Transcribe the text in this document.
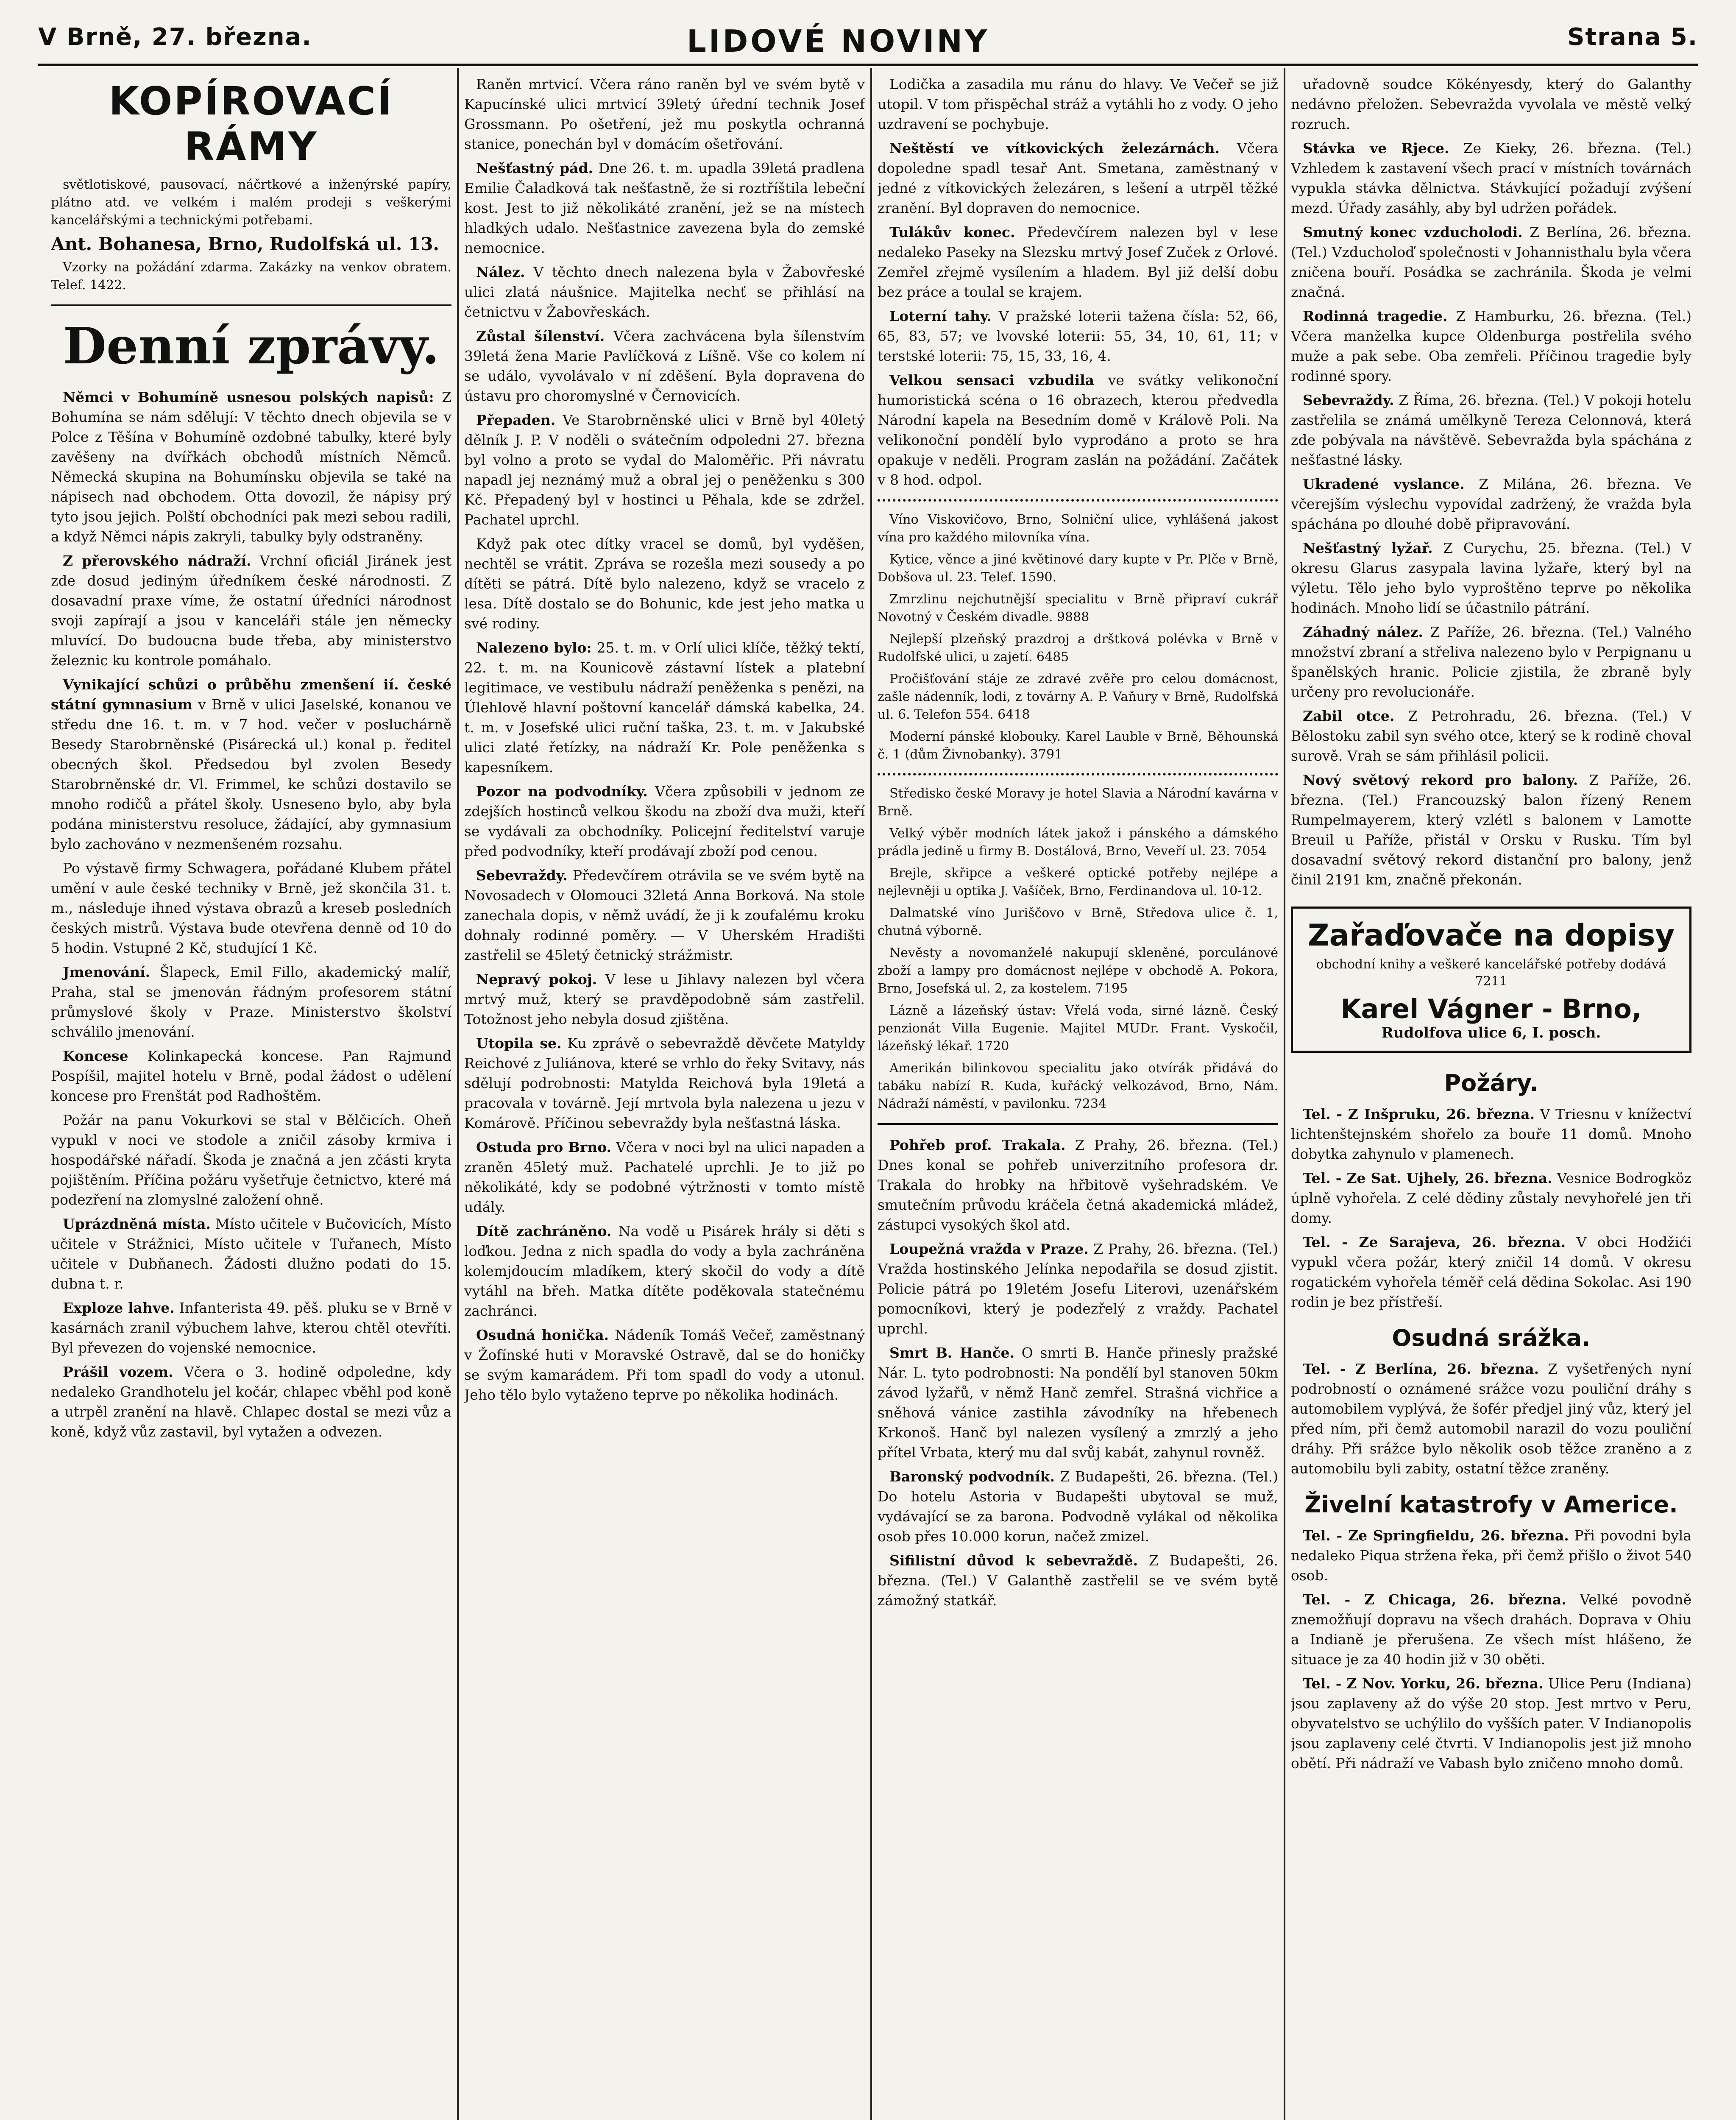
V Brně, 27. března.	LIDOVÉ NOVINY	Strana 5.
KOPÍROVACÍ RÁMY

světlotiskové, pausovací, náčrtkové a inženýrské papíry, plátno atd. ve velkém i malém prodeji s veškerými kancelářskými a technickými potřebami.

Ant. Bohanesa, Brno, Rudolfská ul. 13.

Vzorky na požádání zdarma. Zakázky na venkov obratem. Telef. 1422.

Denní zprávy.

Němci v Bohumíně usnesou polských napisů: Z Bohumína se nám sdělují: V těchto dnech objevila se v Polce z Těšína v Bohumíně ozdobné tabulky, které byly zavěšeny na dvířkách obchodů místních Němců. Německá skupina na Bohumínsku objevila se také na nápisech nad obchodem. Otta dovozil, že nápisy prý tyto jsou jejich. Polští obchodníci pak mezi sebou radili, a když Němci nápis zakryli, tabulky byly odstraněny.

Z přerovského nádraží. Vrchní oficiál Jiránek jest zde dosud jediným úředníkem české národnosti. Z dosavadní praxe víme, že ostatní úředníci národnost svoji zapírají a jsou v kanceláři stále jen německy mluvící. Do budoucna bude třeba, aby ministerstvo železnic ku kontrole pomáhalo.

Vynikající schůzi o průběhu zmenšení ií. české státní gymnasium v Brně v ulici Jaselské, konanou ve středu dne 16. t. m. v 7 hod. večer v posluchárně Besedy Starobrněnské (Pisárecká ul.) konal p. ředitel obecných škol. Předsedou byl zvolen Besedy Starobrněnské dr. Vl. Frimmel, ke schůzi dostavilo se mnoho rodičů a přátel školy. Usneseno bylo, aby byla podána ministerstvu resoluce, žádající, aby gymnasium bylo zachováno v nezmenšeném rozsahu.

Po výstavě firmy Schwagera, pořádané Klubem přátel umění v aule české techniky v Brně, jež skončila 31. t. m., následuje ihned výstava obrazů a kreseb posledních českých mistrů. Výstava bude otevřena denně od 10 do 5 hodin. Vstupné 2 Kč, studující 1 Kč.

Jmenování. Šlapeck, Emil Fillo, akademický malíř, Praha, stal se jmenován řádným profesorem státní průmyslové školy v Praze. Ministerstvo školství schválilo jmenování.

Koncese Kolinkapecká koncese. Pan Rajmund Pospíšil, majitel hotelu v Brně, podal žádost o udělení koncese pro Frenštát pod Radhoštěm.

Požár na panu Vokurkovi se stal v Bělčicích. Oheň vypukl v noci ve stodole a zničil zásoby krmiva i hospodářské nářadí. Škoda je značná a jen zčásti kryta pojištěním. Příčina požáru vyšetřuje četnictvo, které má podezření na zlomyslné založení ohně.

Uprázdněná místa. Místo učitele v Bučovicích, Místo učitele v Strážnici, Místo učitele v Tuřanech, Místo učitele v Dubňanech. Žádosti dlužno podati do 15. dubna t. r.

Exploze lahve. Infanterista 49. pěš. pluku se v Brně v kasárnách zranil výbuchem lahve, kterou chtěl otevříti. Byl převezen do vojenské nemocnice.

Prášil vozem. Včera o 3. hodině odpoledne, kdy nedaleko Grandhotelu jel kočár, chlapec vběhl pod koně a utrpěl zranění na hlavě. Chlapec dostal se mezi vůz a koně, když vůz zastavil, byl vytažen a odvezen.

Raněn mrtvicí. Včera ráno raněn byl ve svém bytě v Kapucínské ulici mrtvicí 39letý úřední technik Josef Grossmann. Po ošetření, jež mu poskytla ochranná stanice, ponechán byl v domácím ošetřování.

Nešťastný pád. Dne 26. t. m. upadla 39letá pradlena Emilie Čaladková tak nešťastně, že si roztříštila lebeční kost. Jest to již několikáté zranění, jež se na místech hladkých udalo. Nešťastnice zavezena byla do zemské nemocnice.

Nález. V těchto dnech nalezena byla v Žabovřeské ulici zlatá náušnice. Majitelka nechť se přihlásí na četnictvu v Žabovřeskách.

Zůstal šílenství. Včera zachvácena byla šílenstvím 39letá žena Marie Pavlíčková z Líšně. Vše co kolem ní se událo, vyvolávalo v ní zděšení. Byla dopravena do ústavu pro choromyslné v Černovicích.

Přepaden. Ve Starobrněnské ulici v Brně byl 40letý dělník J. P. V noděli o svátečním odpoledni 27. března byl volno a proto se vydal do Maloměřic. Při návratu napadl jej neznámý muž a obral jej o peněženku s 300 Kč. Přepadený byl v hostinci u Pěhala, kde se zdržel. Pachatel uprchl.

Když pak otec dítky vracel se domů, byl vyděšen, nechtěl se vrátit. Zpráva se rozešla mezi sousedy a po dítěti se pátrá. Dítě bylo nalezeno, když se vracelo z lesa. Dítě dostalo se do Bohunic, kde jest jeho matka u své rodiny.

Nalezeno bylo: 25. t. m. v Orlí ulici klíče, těžký tektí, 22. t. m. na Kounicově zástavní lístek a platební legitimace, ve vestibulu nádraží peněženka s penězi, na Úlehlově hlavní poštovní kancelář dámská kabelka, 24. t. m. v Josefské ulici ruční taška, 23. t. m. v Jakubské ulici zlaté řetízky, na nádraží Kr. Pole peněženka s kapesníkem.

Pozor na podvodníky. Včera způsobili v jednom ze zdejších hostinců velkou škodu na zboží dva muži, kteří se vydávali za obchodníky. Policejní ředitelství varuje před podvodníky, kteří prodávají zboží pod cenou.

Sebevraždy. Předevčírem otrávila se ve svém bytě na Novosadech v Olomouci 32letá Anna Borková. Na stole zanechala dopis, v němž uvádí, že ji k zoufalému kroku dohnaly rodinné poměry. — V Uherském Hradišti zastřelil se 45letý četnický strážmistr.

Nepravý pokoj. V lese u Jihlavy nalezen byl včera mrtvý muž, který se pravděpodobně sám zastřelil. Totožnost jeho nebyla dosud zjištěna.

Utopila se. Ku zprávě o sebevraždě děvčete Matyldy Reichové z Juliánova, které se vrhlo do řeky Svitavy, nás sdělují podrobnosti: Matylda Reichová byla 19letá a pracovala v továrně. Její mrtvola byla nalezena u jezu v Komárově. Příčinou sebevraždy byla nešťastná láska.

Ostuda pro Brno. Včera v noci byl na ulici napaden a zraněn 45letý muž. Pachatelé uprchli. Je to již po několikáté, kdy se podobné výtržnosti v tomto místě udály.

Dítě zachráněno. Na vodě u Pisárek hrály si děti s loďkou. Jedna z nich spadla do vody a byla zachráněna kolemjdoucím mladíkem, který skočil do vody a dítě vytáhl na břeh. Matka dítěte poděkovala statečnému zachránci.

Osudná honička. Nádeník Tomáš Večeř, zaměstnaný v Žofínské huti v Moravské Ostravě, dal se do honičky se svým kamarádem. Při tom spadl do vody a utonul. Jeho tělo bylo vytaženo teprve po několika hodinách.

Lodička a zasadila mu ránu do hlavy. Ve Večeř se již utopil. V tom přispěchal stráž a vytáhli ho z vody. O jeho uzdravení se pochybuje.

Neštěstí ve vítkovických železárnách. Včera dopoledne spadl tesař Ant. Smetana, zaměstnaný v jedné z vítkovických železáren, s lešení a utrpěl těžké zranění. Byl dopraven do nemocnice.

Tulákův konec. Předevčírem nalezen byl v lese nedaleko Paseky na Slezsku mrtvý Josef Zuček z Orlové. Zemřel zřejmě vysílením a hladem. Byl již delší dobu bez práce a toulal se krajem.

Loterní tahy. V pražské loterii tažena čísla: 52, 66, 65, 83, 57; ve lvovské loterii: 55, 34, 10, 61, 11; v terstské loterii: 75, 15, 33, 16, 4.

Velkou sensaci vzbudila ve svátky velikonoční humoristická scéna o 16 obrazech, kterou předvedla Národní kapela na Besedním domě v Králově Poli. Na velikonoční pondělí bylo vyprodáno a proto se hra opakuje v neděli. Program zaslán na požádání. Začátek v 8 hod. odpol.

Víno Viskovičovo, Brno, Solniční ulice, vyhlášená jakost vína pro každého milovníka vína.

Kytice, věnce a jiné květinové dary kupte v Pr. Plče v Brně, Dobšova ul. 23. Telef. 1590.

Zmrzlinu nejchutnější specialitu v Brně připraví cukrář Novotný v Českém divadle. 9888

Nejlepší plzeňský prazdroj a drštková polévka v Brně v Rudolfské ulici, u zajetí. 6485

Pročišťování stáje ze zdravé zvěře pro celou domácnost, zašle nádenník, lodi, z továrny A. P. Vaňury v Brně, Rudolfská ul. 6. Telefon 554. 6418

Moderní pánské klobouky. Karel Lauble v Brně, Běhounská č. 1 (dům Živnobanky). 3791

Středisko české Moravy je hotel Slavia a Národní kavárna v Brně.

Velký výběr modních látek jakož i pánského a dámského prádla jedině u firmy B. Dostálová, Brno, Veveří ul. 23. 7054

Brejle, skřipce a veškeré optické potřeby nejlépe a nejlevněji u optika J. Vašíček, Brno, Ferdinandova ul. 10-12.

Dalmatské víno Juriščovo v Brně, Středova ulice č. 1, chutná výborně.

Nevěsty a novomanželé nakupují skleněné, porculánové zboží a lampy pro domácnost nejlépe v obchodě A. Pokora, Brno, Josefská ul. 2, za kostelem. 7195

Lázně a lázeňský ústav: Vřelá voda, sirné lázně. Český penzionát Villa Eugenie. Majitel MUDr. Frant. Vyskočil, lázeňský lékař. 1720

Amerikán bilinkovou specialitu jako otvírák přidává do tabáku nabízí R. Kuda, kuřácký velkozávod, Brno, Nám. Nádraží náměstí, v pavilonku. 7234

Pohřeb prof. Trakala. Z Prahy, 26. března. (Tel.) Dnes konal se pohřeb univerzitního profesora dr. Trakala do hrobky na hřbitově vyšehradském. Ve smutečním průvodu kráčela četná akademická mládež, zástupci vysokých škol atd.

Loupežná vražda v Praze. Z Prahy, 26. března. (Tel.) Vražda hostinského Jelínka nepodařila se dosud zjistit. Policie pátrá po 19letém Josefu Literovi, uzenářském pomocníkovi, který je podezřelý z vraždy. Pachatel uprchl.

Smrt B. Hanče. O smrti B. Hanče přinesly pražské Nár. L. tyto podrobnosti: Na pondělí byl stanoven 50km závod lyžařů, v němž Hanč zemřel. Strašná vichřice a sněhová vánice zastihla závodníky na hřebenech Krkonoš. Hanč byl nalezen vysílený a zmrzlý a jeho přítel Vrbata, který mu dal svůj kabát, zahynul rovněž.

Baronský podvodník. Z Budapešti, 26. března. (Tel.) Do hotelu Astoria v Budapešti ubytoval se muž, vydávající se za barona. Podvodně vylákal od několika osob přes 10.000 korun, načež zmizel.

Sifilistní důvod k sebevraždě. Z Budapešti, 26. března. (Tel.) V Galanthě zastřelil se ve svém bytě zámožný statkář.

uřadovně soudce Kökényesdy, který do Galanthy nedávno přeložen. Sebevražda vyvolala ve městě velký rozruch.

Stávka ve Rjece. Ze Kieky, 26. března. (Tel.) Vzhledem k zastavení všech prací v místních továrnách vypukla stávka dělnictva. Stávkující požadují zvýšení mezd. Úřady zasáhly, aby byl udržen pořádek.

Smutný konec vzducholodi. Z Berlína, 26. března. (Tel.) Vzducholoď společnosti v Johannisthalu byla včera zničena bouří. Posádka se zachránila. Škoda je velmi značná.

Rodinná tragedie. Z Hamburku, 26. března. (Tel.) Včera manželka kupce Oldenburga postřelila svého muže a pak sebe. Oba zemřeli. Příčinou tragedie byly rodinné spory.

Sebevraždy. Z Říma, 26. března. (Tel.) V pokoji hotelu zastřelila se známá umělkyně Tereza Celonnová, která zde pobývala na návštěvě. Sebevražda byla spáchána z nešťastné lásky.

Ukradené vyslance. Z Milána, 26. března. Ve včerejším výslechu vypovídal zadržený, že vražda byla spáchána po dlouhé době připravování.

Nešťastný lyžař. Z Curychu, 25. března. (Tel.) V okresu Glarus zasypala lavina lyžaře, který byl na výletu. Tělo jeho bylo vyproštěno teprve po několika hodinách. Mnoho lidí se účastnilo pátrání.

Záhadný nález. Z Paříže, 26. března. (Tel.) Valného množství zbraní a střeliva nalezeno bylo v Perpignanu u španělských hranic. Policie zjistila, že zbraně byly určeny pro revolucionáře.

Zabil otce. Z Petrohradu, 26. března. (Tel.) V Bělostoku zabil syn svého otce, který se k rodině choval surově. Vrah se sám přihlásil policii.

Nový světový rekord pro balony. Z Paříže, 26. března. (Tel.) Francouzský balon řízený Renem Rumpelmayerem, který vzlétl s balonem v Lamotte Breuil u Paříže, přistál v Orsku v Rusku. Tím byl dosavadní světový rekord distanční pro balony, jenž činil 2191 km, značně překonán.

Zařaďovače na dopisy
obchodní knihy a veškeré kancelářské potřeby dodává 7211
Karel Vágner - Brno,
Rudolfova ulice 6, I. posch.
Požáry.

Tel. - Z Inšpruku, 26. března. V Triesnu v knížectví lichtenštejnském shořelo za bouře 11 domů. Mnoho dobytka zahynulo v plamenech.

Tel. - Ze Sat. Ujhely, 26. března. Vesnice Bodrogköz úplně vyhořela. Z celé dědiny zůstaly nevyhořelé jen tři domy.

Tel. - Ze Sarajeva, 26. března. V obci Hodžići vypukl včera požár, který zničil 14 domů. V okresu rogatickém vyhořela téměř celá dědina Sokolac. Asi 190 rodin je bez přístřeší.

Osudná srážka.

Tel. - Z Berlína, 26. března. Z vyšetřených nyní podrobností o oznámené srážce vozu pouliční dráhy s automobilem vyplývá, že šofér předjel jiný vůz, který jel před ním, při čemž automobil narazil do vozu pouliční dráhy. Při srážce bylo několik osob těžce zraněno a z automobilu byli zabity, ostatní těžce zraněny.

Živelní katastrofy v Americe.

Tel. - Ze Springfieldu, 26. března. Při povodni byla nedaleko Piqua stržena řeka, při čemž přišlo o život 540 osob.

Tel. - Z Chicaga, 26. března. Velké povodně znemožňují dopravu na všech drahách. Doprava v Ohiu a Indianě je přerušena. Ze všech míst hlášeno, že situace je za 40 hodin již v 30 oběti.

Tel. - Z Nov. Yorku, 26. března. Ulice Peru (Indiana) jsou zaplaveny až do výše 20 stop. Jest mrtvo v Peru, obyvatelstvo se uchýlilo do vyšších pater. V Indianopolis jsou zaplaveny celé čtvrti. V Indianopolis jest již mnoho obětí. Při nádraží ve Vabash bylo zničeno mnoho domů.
